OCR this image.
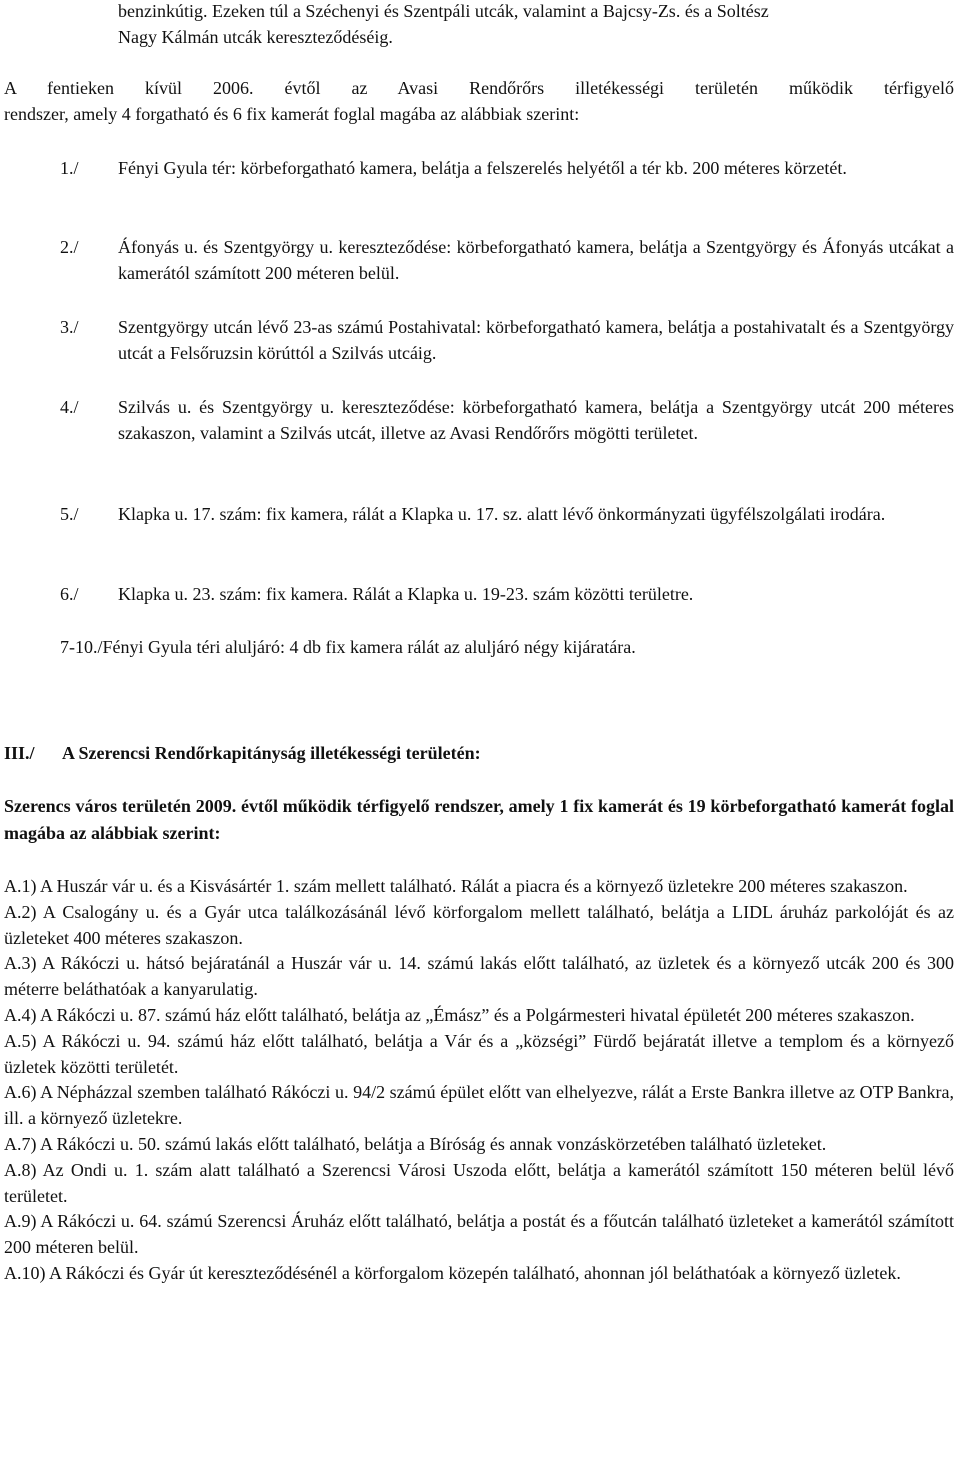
benzinkútig. Ezeken túl a Széchenyi és Szentpáli utcák, valamint a Bajcsy-Zs. és a Soltész
Nagy Kálmán utcák kereszteződéséig.
A fentieken kívül 2006. évtől az Avasi Rendőrőrs illetékességi területén működik térfigyelő
rendszer, amely 4 forgatható és 6 fix kamerát foglal magába az alábbiak szerint:
1./	Fényi Gyula tér: körbeforgatható kamera, belátja a felszerelés helyétől a tér kb. 200 méteres körzetét.
2./	Áfonyás u. és Szentgyörgy u. kereszteződése: körbeforgatható kamera, belátja a Szentgyörgy és Áfonyás utcákat a kamerától számított 200 méteren belül.
3./	Szentgyörgy utcán lévő 23-as számú Postahivatal: körbeforgatható kamera, belátja a postahivatalt és a Szentgyörgy utcát a Felsőruzsin körúttól a Szilvás utcáig.
4./	Szilvás u. és Szentgyörgy u. kereszteződése: körbeforgatható kamera, belátja a Szentgyörgy utcát 200 méteres szakaszon, valamint a Szilvás utcát, illetve az Avasi Rendőrőrs mögötti területet.
5./	Klapka u. 17. szám: fix kamera, rálát a Klapka u. 17. sz. alatt lévő önkormányzati ügyfélszolgálati irodára.
6./	Klapka u. 23. szám: fix kamera. Rálát a Klapka u. 19-23. szám közötti területre.
7-10./Fényi Gyula téri aluljáró: 4 db fix kamera rálát az aluljáró négy kijáratára.
III./ A Szerencsi Rendőrkapitányság illetékességi területén:
Szerencs város területén 2009. évtől működik térfigyelő rendszer, amely 1 fix kamerát és 19 körbeforgatható kamerát foglal magába az alábbiak szerint:
A.1) A Huszár vár u. és a Kisvásártér 1. szám mellett található. Rálát a piacra és a környező üzletekre 200 méteres szakaszon.
A.2) A Csalogány u. és a Gyár utca találkozásánál lévő körforgalom mellett található, belátja a LIDL áruház parkolóját és az üzleteket 400 méteres szakaszon.
A.3) A Rákóczi u. hátsó bejáratánál a Huszár vár u. 14. számú lakás előtt található, az üzletek és a környező utcák 200 és 300 méterre beláthatóak a kanyarulatig.
A.4) A Rákóczi u. 87. számú ház előtt található, belátja az „Émász” és a Polgármesteri hivatal épületét 200 méteres szakaszon.
A.5) A Rákóczi u. 94. számú ház előtt található, belátja a Vár és a „községi” Fürdő bejáratát illetve a templom és a környező üzletek közötti területét.
A.6) A Népházzal szemben található Rákóczi u. 94/2 számú épület előtt van elhelyezve, rálát a Erste Bankra illetve az OTP Bankra, ill. a környező üzletekre.
A.7) A Rákóczi u. 50. számú lakás előtt található, belátja a Bíróság és annak vonzáskörzetében található üzleteket.
A.8) Az Ondi u. 1. szám alatt található a Szerencsi Városi Uszoda előtt, belátja a kamerától számított 150 méteren belül lévő területet.
A.9) A Rákóczi u. 64. számú Szerencsi Áruház előtt található, belátja a postát és a főutcán található üzleteket a kamerától számított 200 méteren belül.
A.10) A Rákóczi és Gyár út kereszteződésénél a körforgalom közepén található, ahonnan jól beláthatóak a környező üzletek.
